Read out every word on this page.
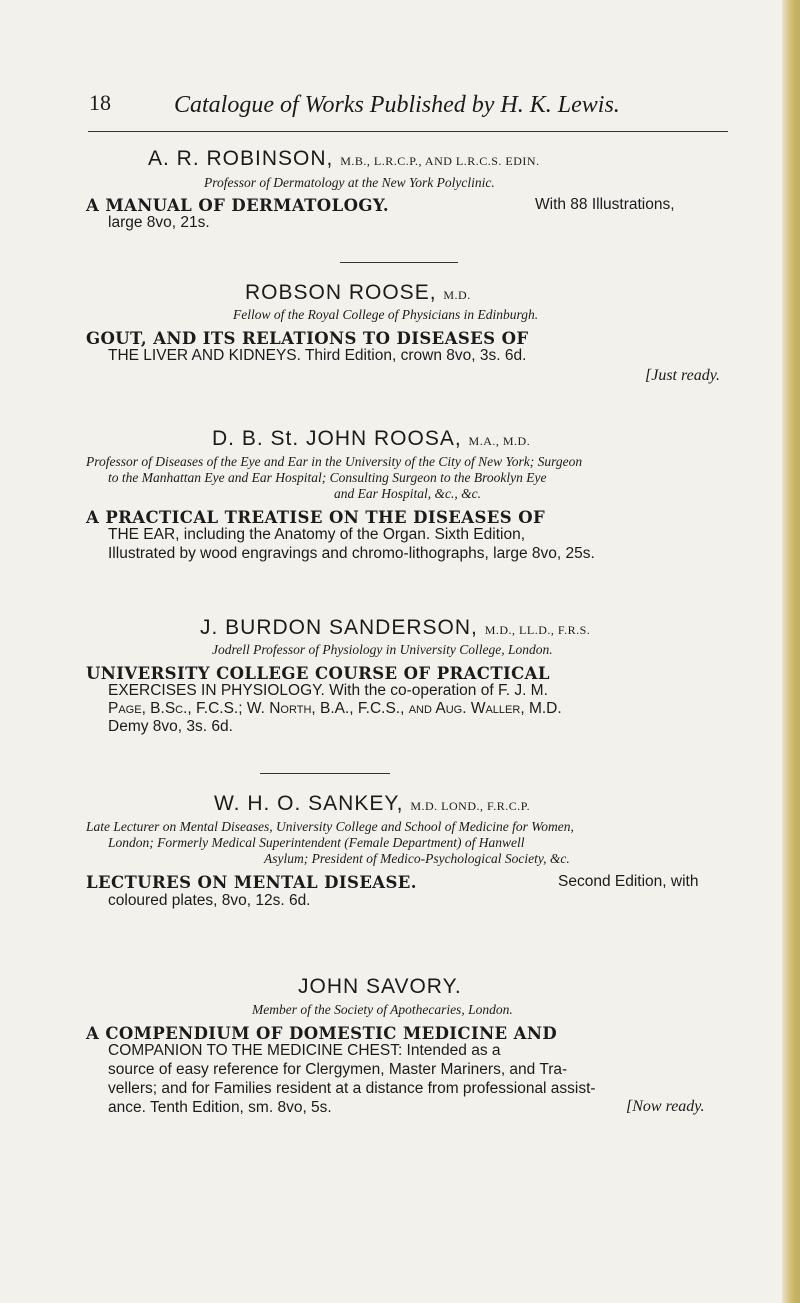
18	Catalogue of Works Published by H. K. Lewis.
A. R. ROBINSON, M.B., L.R.C.P., AND L.R.C.S. EDIN.
Professor of Dermatology at the New York Polyclinic.
A MANUAL OF DERMATOLOGY.	With 88 Illustrations,
large 8vo, 21s.
ROBSON ROOSE, M.D.
Fellow of the Royal College of Physicians in Edinburgh.
GOUT, AND ITS RELATIONS TO DISEASES OF
THE LIVER AND KIDNEYS. Third Edition, crown 8vo, 3s. 6d.
[Just ready.
D. B. St. JOHN ROOSA, M.A., M.D.
Professor of Diseases of the Eye and Ear in the University of the City of New York; Surgeon
to the Manhattan Eye and Ear Hospital; Consulting Surgeon to the Brooklyn Eye
and Ear Hospital, &c., &c.
A PRACTICAL TREATISE ON THE DISEASES OF
THE EAR, including the Anatomy of the Organ. Sixth Edition,
Illustrated by wood engravings and chromo-lithographs, large 8vo, 25s.
J. BURDON SANDERSON, M.D., LL.D., F.R.S.
Jodrell Professor of Physiology in University College, London.
UNIVERSITY COLLEGE COURSE OF PRACTICAL
EXERCISES IN PHYSIOLOGY. With the co-operation of F. J. M.
Page, B.Sc., F.C.S.; W. North, B.A., F.C.S., and Aug. Waller, M.D.
Demy 8vo, 3s. 6d.
W. H. O. SANKEY, M.D. LOND., F.R.C.P.
Late Lecturer on Mental Diseases, University College and School of Medicine for Women,
London; Formerly Medical Superintendent (Female Department) of Hanwell
Asylum; President of Medico-Psychological Society, &c.
LECTURES ON MENTAL DISEASE.	Second Edition, with
coloured plates, 8vo, 12s. 6d.
JOHN SAVORY.
Member of the Society of Apothecaries, London.
A COMPENDIUM OF DOMESTIC MEDICINE AND
COMPANION TO THE MEDICINE CHEST: Intended as a
source of easy reference for Clergymen, Master Mariners, and Tra-
vellers; and for Families resident at a distance from professional assist-
ance. Tenth Edition, sm. 8vo, 5s.	[Now ready.
